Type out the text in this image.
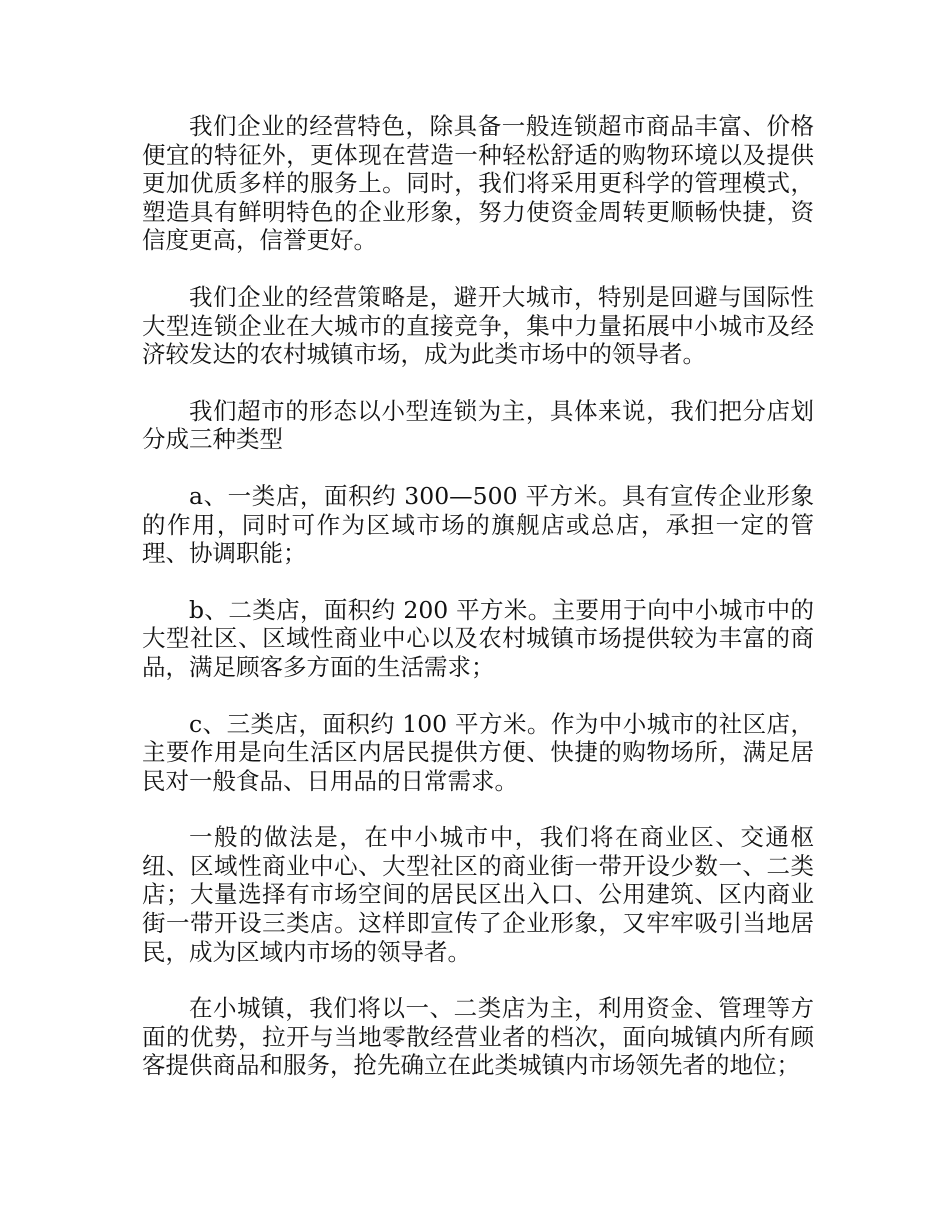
我们企业的经营特色，除具备一般连锁超市商品丰富、价格便宜的特征外，更体现在营造一种轻松舒适的购物环境以及提供更加优质多样的服务上。同时，我们将采用更科学的管理模式，塑造具有鲜明特色的企业形象，努力使资金周转更顺畅快捷，资信度更高，信誉更好。

我们企业的经营策略是，避开大城市，特别是回避与国际性大型连锁企业在大城市的直接竞争，集中力量拓展中小城市及经济较发达的农村城镇市场，成为此类市场中的领导者。

我们超市的形态以小型连锁为主，具体来说，我们把分店划分成三种类型

a、一类店，面积约 300—500 平方米。具有宣传企业形象的作用，同时可作为区域市场的旗舰店或总店，承担一定的管理、协调职能；

b、二类店，面积约 200 平方米。主要用于向中小城市中的大型社区、区域性商业中心以及农村城镇市场提供较为丰富的商品，满足顾客多方面的生活需求；

c、三类店，面积约 100 平方米。作为中小城市的社区店，主要作用是向生活区内居民提供方便、快捷的购物场所，满足居民对一般食品、日用品的日常需求。

一般的做法是，在中小城市中，我们将在商业区、交通枢纽、区域性商业中心、大型社区的商业街一带开设少数一、二类店；大量选择有市场空间的居民区出入口、公用建筑、区内商业街一带开设三类店。这样即宣传了企业形象，又牢牢吸引当地居民，成为区域内市场的领导者。

在小城镇，我们将以一、二类店为主，利用资金、管理等方面的优势，拉开与当地零散经营业者的档次，面向城镇内所有顾客提供商品和服务，抢先确立在此类城镇内市场领先者的地位；
